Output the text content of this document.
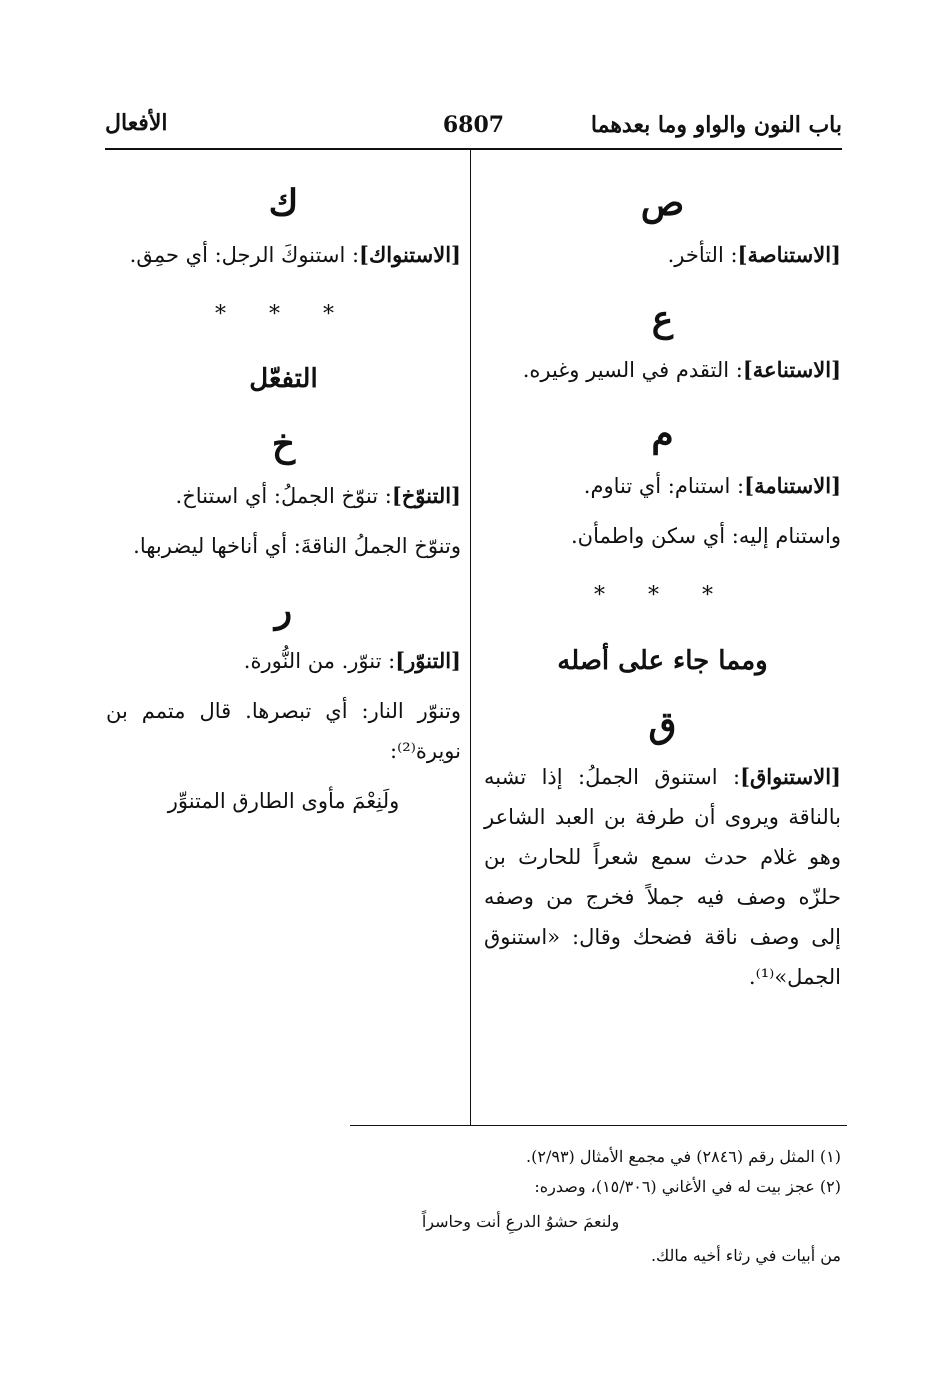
باب النون والواو وما بعدهما
6807
الأفعال
ص
[الاستناصة]: التأخر.
ع
[الاستناعة]: التقدم في السير وغيره.
م
[الاستنامة]: استنام: أي تناوم.
واستنام إليه: أي سكن واطمأن.
* * *
ومما جاء على أصله
ق
[الاستنواق]: استنوق الجملُ: إذا تشبه بالناقة ويروى أن طرفة بن العبد الشاعر وهو غلام حدث سمع شعراً للحارث بن حلزّه وصف فيه جملاً فخرج من وصفه إلى وصف ناقة فضحك وقال: «استنوق الجمل»⁽¹⁾.
ك
[الاستنواك]: استنوكَ الرجل: أي حمِق.
* * *
التفعّل
خ
[التنوّخ]: تنوّخ الجملُ: أي استناخ.
وتنوّخ الجملُ الناقةَ: أي أناخها ليضربها.
ر
[التنوّر]: تنوّر. من النُّورة.
وتنوّر النار: أي تبصرها. قال متمم بن نويرة⁽²⁾:
ولَنِعْمَ مأوى الطارق المتنوِّر
(١) المثل رقم (٢٨٤٦) في مجمع الأمثال (٢/٩٣).
(٢) عجز بيت له في الأغاني (١٥/٣٠٦)، وصدره:
ولنعمَ حشوُ الدرعِ أنت وحاسراً
من أبيات في رثاء أخيه مالك.
